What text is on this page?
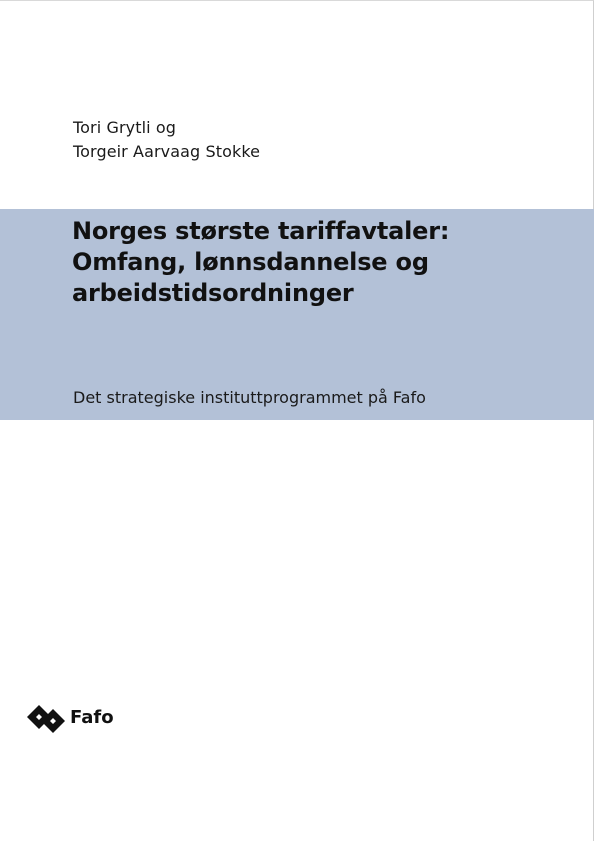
Tori Grytli og
Torgeir Aarvaag Stokke
Norges største tariffavtaler:
Omfang, lønnsdannelse og
arbeidstidsordninger
Det strategiske instituttprogrammet på Fafo
Fafo
